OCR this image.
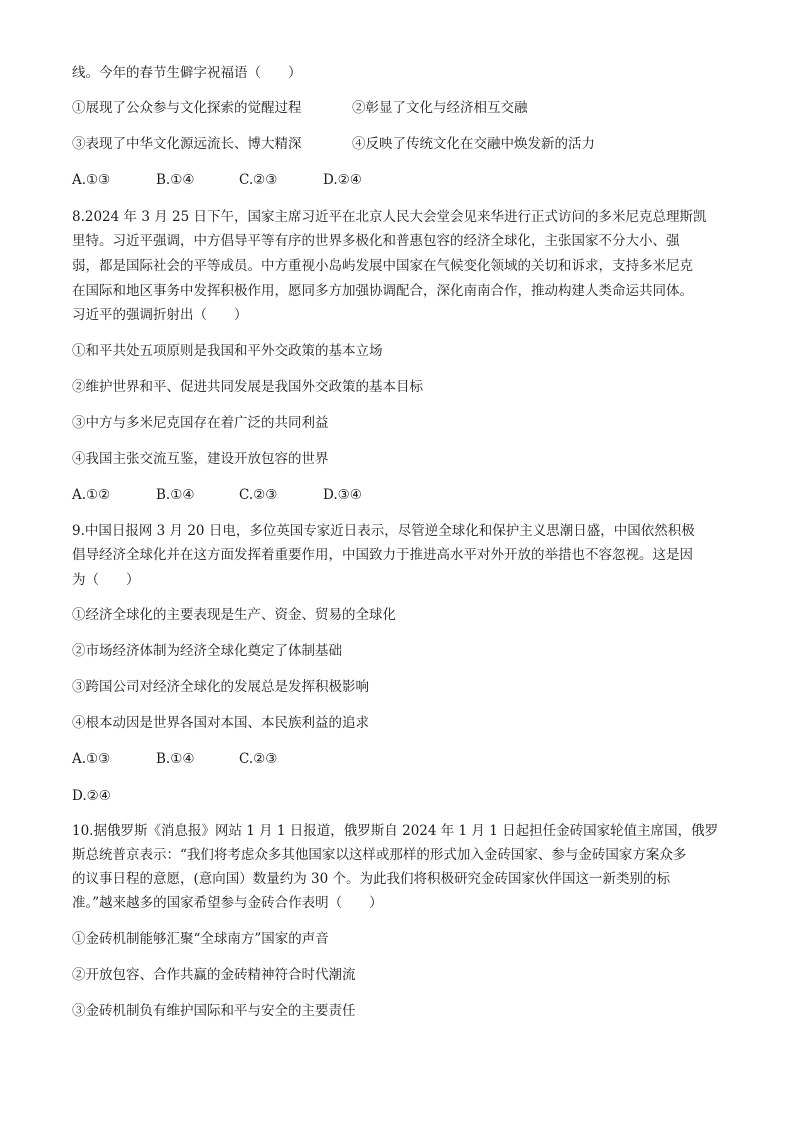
线。今年的春节生僻字祝福语（　　）
①展现了公众参与文化探索的觉醒过程	②彰显了文化与经济相互交融
③表现了中华文化源远流长、博大精深	④反映了传统文化在交融中焕发新的活力
A.①③	B.①④	C.②③	D.②④
8.2024 年 3 月 25 日下午，国家主席习近平在北京人民大会堂会见来华进行正式访问的多米尼克总理斯凯
里特。习近平强调，中方倡导平等有序的世界多极化和普惠包容的经济全球化，主张国家不分大小、强
弱，都是国际社会的平等成员。中方重视小岛屿发展中国家在气候变化领域的关切和诉求，支持多米尼克
在国际和地区事务中发挥积极作用，愿同多方加强协调配合，深化南南合作，推动构建人类命运共同体。
习近平的强调折射出（　　）
①和平共处五项原则是我国和平外交政策的基本立场
②维护世界和平、促进共同发展是我国外交政策的基本目标
③中方与多米尼克国存在着广泛的共同利益
④我国主张交流互鉴，建设开放包容的世界
A.①②	B.①④	C.②③	D.③④
9.中国日报网 3 月 20 日电，多位英国专家近日表示，尽管逆全球化和保护主义思潮日盛，中国依然积极
倡导经济全球化并在这方面发挥着重要作用，中国致力于推进高水平对外开放的举措也不容忽视。这是因
为（　　）
①经济全球化的主要表现是生产、资金、贸易的全球化
②市场经济体制为经济全球化奠定了体制基础
③跨国公司对经济全球化的发展总是发挥积极影响
④根本动因是世界各国对本国、本民族利益的追求
A.①③	B.①④	C.②③
D.②④
10.据俄罗斯《消息报》网站 1 月 1 日报道，俄罗斯自 2024 年 1 月 1 日起担任金砖国家轮值主席国，俄罗
斯总统普京表示：“我们将考虑众多其他国家以这样或那样的形式加入金砖国家、参与金砖国家方案众多
的议事日程的意愿，(意向国）数量约为 30 个。为此我们将积极研究金砖国家伙伴国这一新类别的标
准。”越来越多的国家希望参与金砖合作表明（　　）
①金砖机制能够汇聚“全球南方”国家的声音
②开放包容、合作共赢的金砖精神符合时代潮流
③金砖机制负有维护国际和平与安全的主要责任
